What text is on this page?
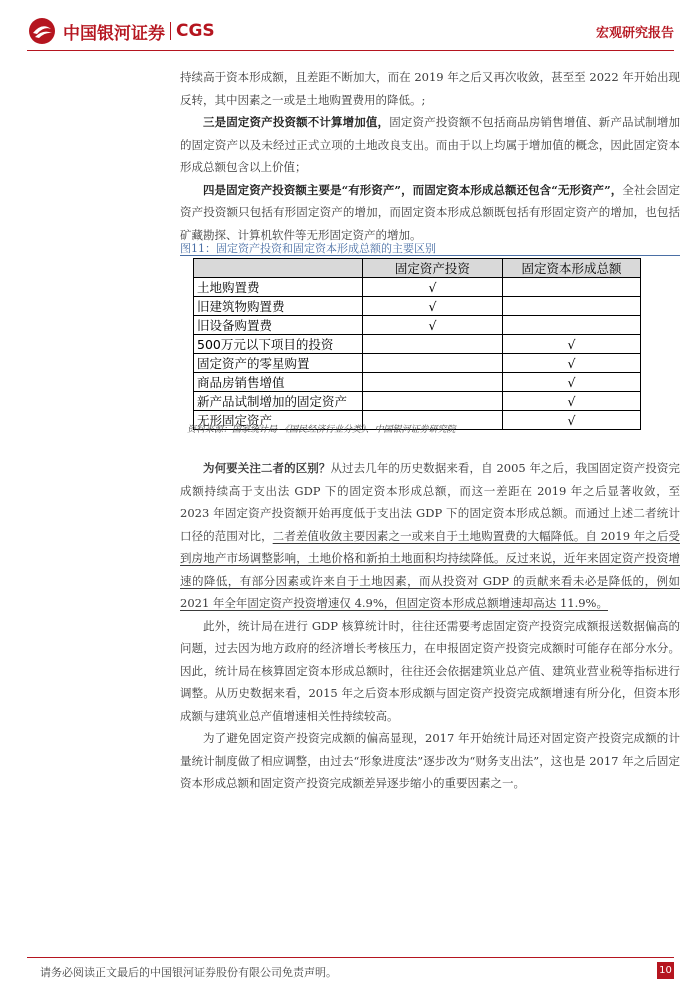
中国银河证券 CGS	宏观研究报告

持续高于资本形成额，且差距不断加大，而在 2019 年之后又再次收敛，甚至至 2022 年开始出现反转，其中因素之一或是土地购置费用的降低。;

三是固定资产投资额不计算增加值，固定资产投资额不包括商品房销售增值、新产品试制增加的固定资产以及未经过正式立项的土地改良支出。而由于以上均属于增加值的概念，因此固定资本形成总额包含以上价值；

四是固定资产投资额主要是“有形资产”，而固定资本形成总额还包含“无形资产”，全社会固定资产投资额只包括有形固定资产的增加，而固定资本形成总额既包括有形固定资产的增加，也包括矿藏勘探、计算机软件等无形固定资产的增加。

图11：固定资产投资和固定资本形成总额的主要区别
	固定资产投资	固定资本形成总额
土地购置费	√	
旧建筑物购置费	√	
旧设备购置费	√	
500万元以下项目的投资		√
固定资产的零星购置		√
商品房销售增值		√
新产品试制增加的固定资产		√
无形固定资产		√
资料来源：国家统计局-《国民经济行业分类》、中国银河证券研究院

为何要关注二者的区别？从过去几年的历史数据来看，自 2005 年之后，我国固定资产投资完成额持续高于支出法 GDP 下的固定资本形成总额，而这一差距在 2019 年之后显著收敛，至 2023 年固定资产投资额开始再度低于支出法 GDP 下的固定资本形成总额。而通过上述二者统计口径的范围对比，二者差值收敛主要因素之一或来自于土地购置费的大幅降低。自 2019 年之后受到房地产市场调整影响，土地价格和新拍土地面积均持续降低。反过来说，近年来固定资产投资增速的降低，有部分因素或许来自于土地因素，而从投资对 GDP 的贡献来看未必是降低的，例如 2021 年全年固定资产投资增速仅 4.9%，但固定资本形成总额增速却高达 11.9%。

此外，统计局在进行 GDP 核算统计时，往往还需要考虑固定资产投资完成额报送数据偏高的问题，过去因为地方政府的经济增长考核压力，在申报固定资产投资完成额时可能存在部分水分。因此，统计局在核算固定资本形成总额时，往往还会依据建筑业总产值、建筑业营业税等指标进行调整。从历史数据来看，2015 年之后资本形成额与固定资产投资完成额增速有所分化，但资本形成额与建筑业总产值增速相关性持续较高。

为了避免固定资产投资完成额的偏高显现，2017 年开始统计局还对固定资产投资完成额的计量统计制度做了相应调整，由过去“形象进度法”逐步改为“财务支出法”，这也是 2017 年之后固定资本形成总额和固定资产投资完成额差异逐步缩小的重要因素之一。

请务必阅读正文最后的中国银河证券股份有限公司免责声明。	10
